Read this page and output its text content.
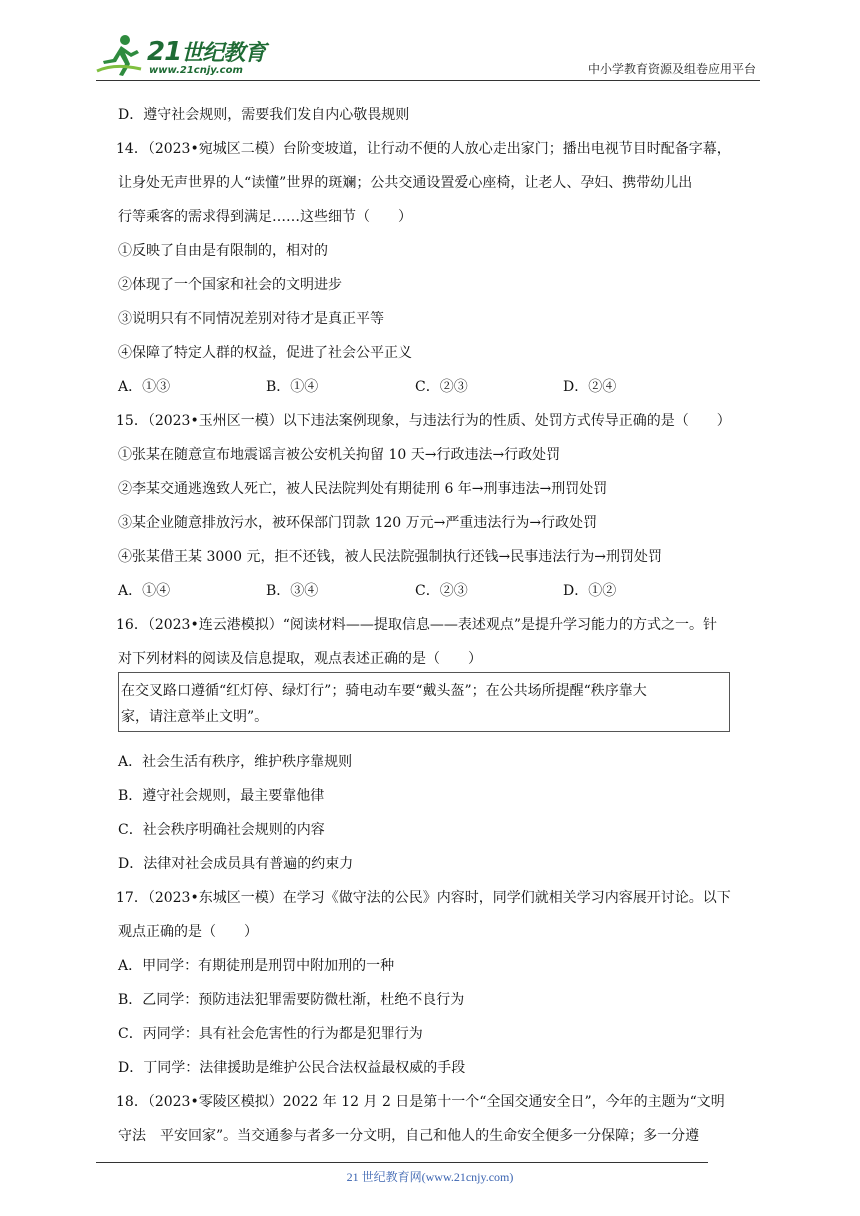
21世纪教育
www.21cnjy.com	中小学教育资源及组卷应用平台
D．遵守社会规则，需要我们发自内心敬畏规则
14．（2023•宛城区二模）台阶变坡道，让行动不便的人放心走出家门；播出电视节目时配备字幕，
让身处无声世界的人“读懂”世界的斑斓；公共交通设置爱心座椅，让老人、孕妇、携带幼儿出
行等乘客的需求得到满足……这些细节（　　）
①反映了自由是有限制的，相对的
②体现了一个国家和社会的文明进步
③说明只有不同情况差别对待才是真正平等
④保障了特定人群的权益，促进了社会公平正义
A．①③	B．①④	C．②③	D．②④
15．（2023•玉州区一模）以下违法案例现象，与违法行为的性质、处罚方式传导正确的是（　　）
①张某在随意宣布地震谣言被公安机关拘留 10 天→行政违法→行政处罚
②李某交通逃逸致人死亡，被人民法院判处有期徒刑 6 年→刑事违法→刑罚处罚
③某企业随意排放污水，被环保部门罚款 120 万元→严重违法行为→行政处罚
④张某借王某 3000 元，拒不还钱，被人民法院强制执行还钱→民事违法行为→刑罚处罚
A．①④	B．③④	C．②③	D．①②
16．（2023•连云港模拟）“阅读材料——提取信息——表述观点”是提升学习能力的方式之一。针
对下列材料的阅读及信息提取，观点表述正确的是（　　）
在交叉路口遵循“红灯停、绿灯行”；骑电动车要“戴头盔”；在公共场所提醒“秩序靠大
家，请注意举止文明”。
A．社会生活有秩序，维护秩序靠规则
B．遵守社会规则，最主要靠他律
C．社会秩序明确社会规则的内容
D．法律对社会成员具有普遍的约束力
17．（2023•东城区一模）在学习《做守法的公民》内容时，同学们就相关学习内容展开讨论。以下
观点正确的是（　　）
A．甲同学：有期徒刑是刑罚中附加刑的一种
B．乙同学：预防违法犯罪需要防微杜渐，杜绝不良行为
C．丙同学：具有社会危害性的行为都是犯罪行为
D．丁同学：法律援助是维护公民合法权益最权威的手段
18．（2023•零陵区模拟）2022 年 12 月 2 日是第十一个“全国交通安全日”，今年的主题为“文明
守法　平安回家”。当交通参与者多一分文明，自己和他人的生命安全便多一分保障；多一分遵
21 世纪教育网(www.21cnjy.com)
